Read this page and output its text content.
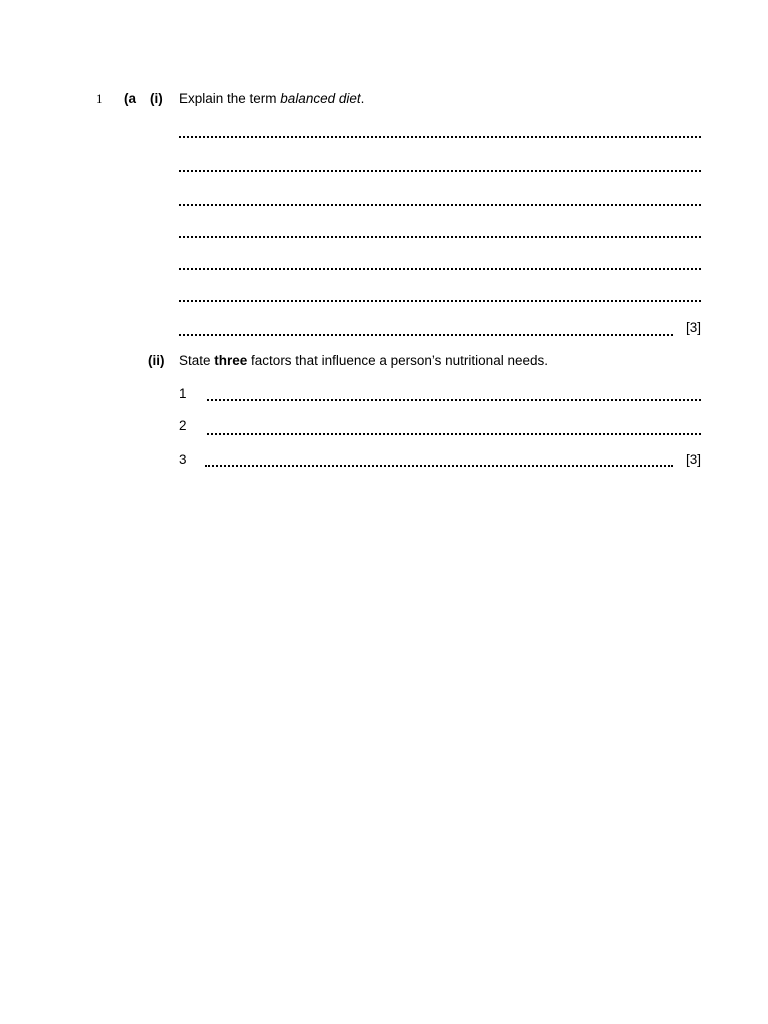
1 (a (i) Explain the term balanced diet.
[3]
(ii) State three factors that influence a person’s nutritional needs.
1
2
3	[3]
